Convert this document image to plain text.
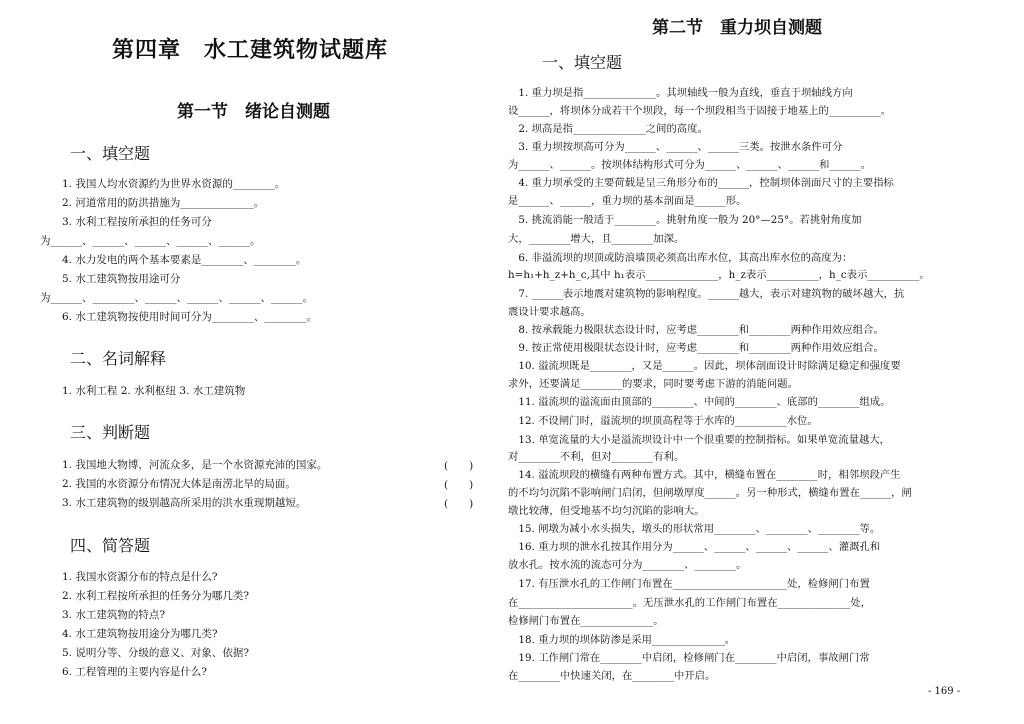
第四章　水工建筑物试题库
第一节　绪论自测题
一、填空题
1. 我国人均水资源约为世界水资源的________。
2. 河道常用的防洪措施为______________。
3. 水利工程按所承担的任务可分
为______、______、______、______、______。
4. 水力发电的两个基本要素是________、________。
5. 水工建筑物按用途可分
为______、________、______、______、______、______。
6. 水工建筑物按使用时间可分为________、________。
二、名词解释
1. 水利工程 2. 水利枢纽 3. 水工建筑物
三、判断题
1. 我国地大物博，河流众多，是一个水资源充沛的国家。	(　　)
2. 我国的水资源分布情况大体是南涝北旱的局面。	(　　)
3. 水工建筑物的级别越高所采用的洪水重现期越短。	(　　)
四、简答题
1. 我国水资源分布的特点是什么?
2. 水利工程按所承担的任务分为哪几类?
3. 水工建筑物的特点?
4. 水工建筑物按用途分为哪几类?
5. 说明分等、分级的意义、对象、依据?
6. 工程管理的主要内容是什么?
第二节　重力坝自测题
一、填空题
　1. 重力坝是指______________。其坝轴线一般为直线，垂直于坝轴线方向
设______，将坝体分成若干个坝段，每一个坝段相当于固接于地基上的__________。
　2. 坝高是指______________之间的高度。
　3. 重力坝按坝高可分为______、______、______三类。按泄水条件可分
为______、______。按坝体结构形式可分为______、______、______和______。
　4. 重力坝承受的主要荷载是呈三角形分布的______，控制坝体剖面尺寸的主要指标
是______、______，重力坝的基本剖面是______形。
　5. 挑流消能一般适于________。挑射角度一般为 20°—25°。若挑射角度加
大，________增大，且________加深。
　6. 非溢流坝的坝顶或防浪墙顶必须高出库水位，其高出库水位的高度为：
h=h₁+h_z+h_c,其中 h₁表示______________，h_z表示__________，h_c表示__________。
　7. ______表示地震对建筑物的影响程度。______越大，表示对建筑物的破坏越大，抗
震设计要求越高。
　8. 按承载能力极限状态设计时，应考虑________和________两种作用效应组合。
　9. 按正常使用极限状态设计时，应考虑________和________两种作用效应组合。
　10. 溢流坝既是________，又是______。因此，坝体剖面设计时除满足稳定和强度要
求外，还要满足________的要求，同时要考虑下游的消能问题。
　11. 溢流坝的溢流面由顶部的________、中间的________、底部的________组成。
　12. 不设闸门时，溢流坝的坝顶高程等于水库的__________水位。
　13. 单宽流量的大小是溢流坝设计中一个很重要的控制指标。如果单宽流量越大，
对________不利，但对________有利。
　14. 溢流坝段的横缝有两种布置方式。其中，横缝布置在________时，相邻坝段产生
的不均匀沉陷不影响闸门启闭，但闸墩厚度______。另一种形式，横缝布置在______，闸
墩比较薄，但受地基不均匀沉陷的影响大。
　15. 闸墩为减小水头损失，墩头的形状常用________、________、________等。
　16. 重力坝的泄水孔按其作用分为______、______、______、______、灌溉孔和
放水孔。按水流的流态可分为________、________。
　17. 有压泄水孔的工作闸门布置在______________________处，检修闸门布置
在______________________。无压泄水孔的工作闸门布置在______________处，
检修闸门布置在______________。
　18. 重力坝的坝体防渗是采用______________。
　19. 工作闸门常在________中启闭，检修闸门在________中启闭，事故闸门常
在________中快速关闭，在________中开启。
- 169 -
